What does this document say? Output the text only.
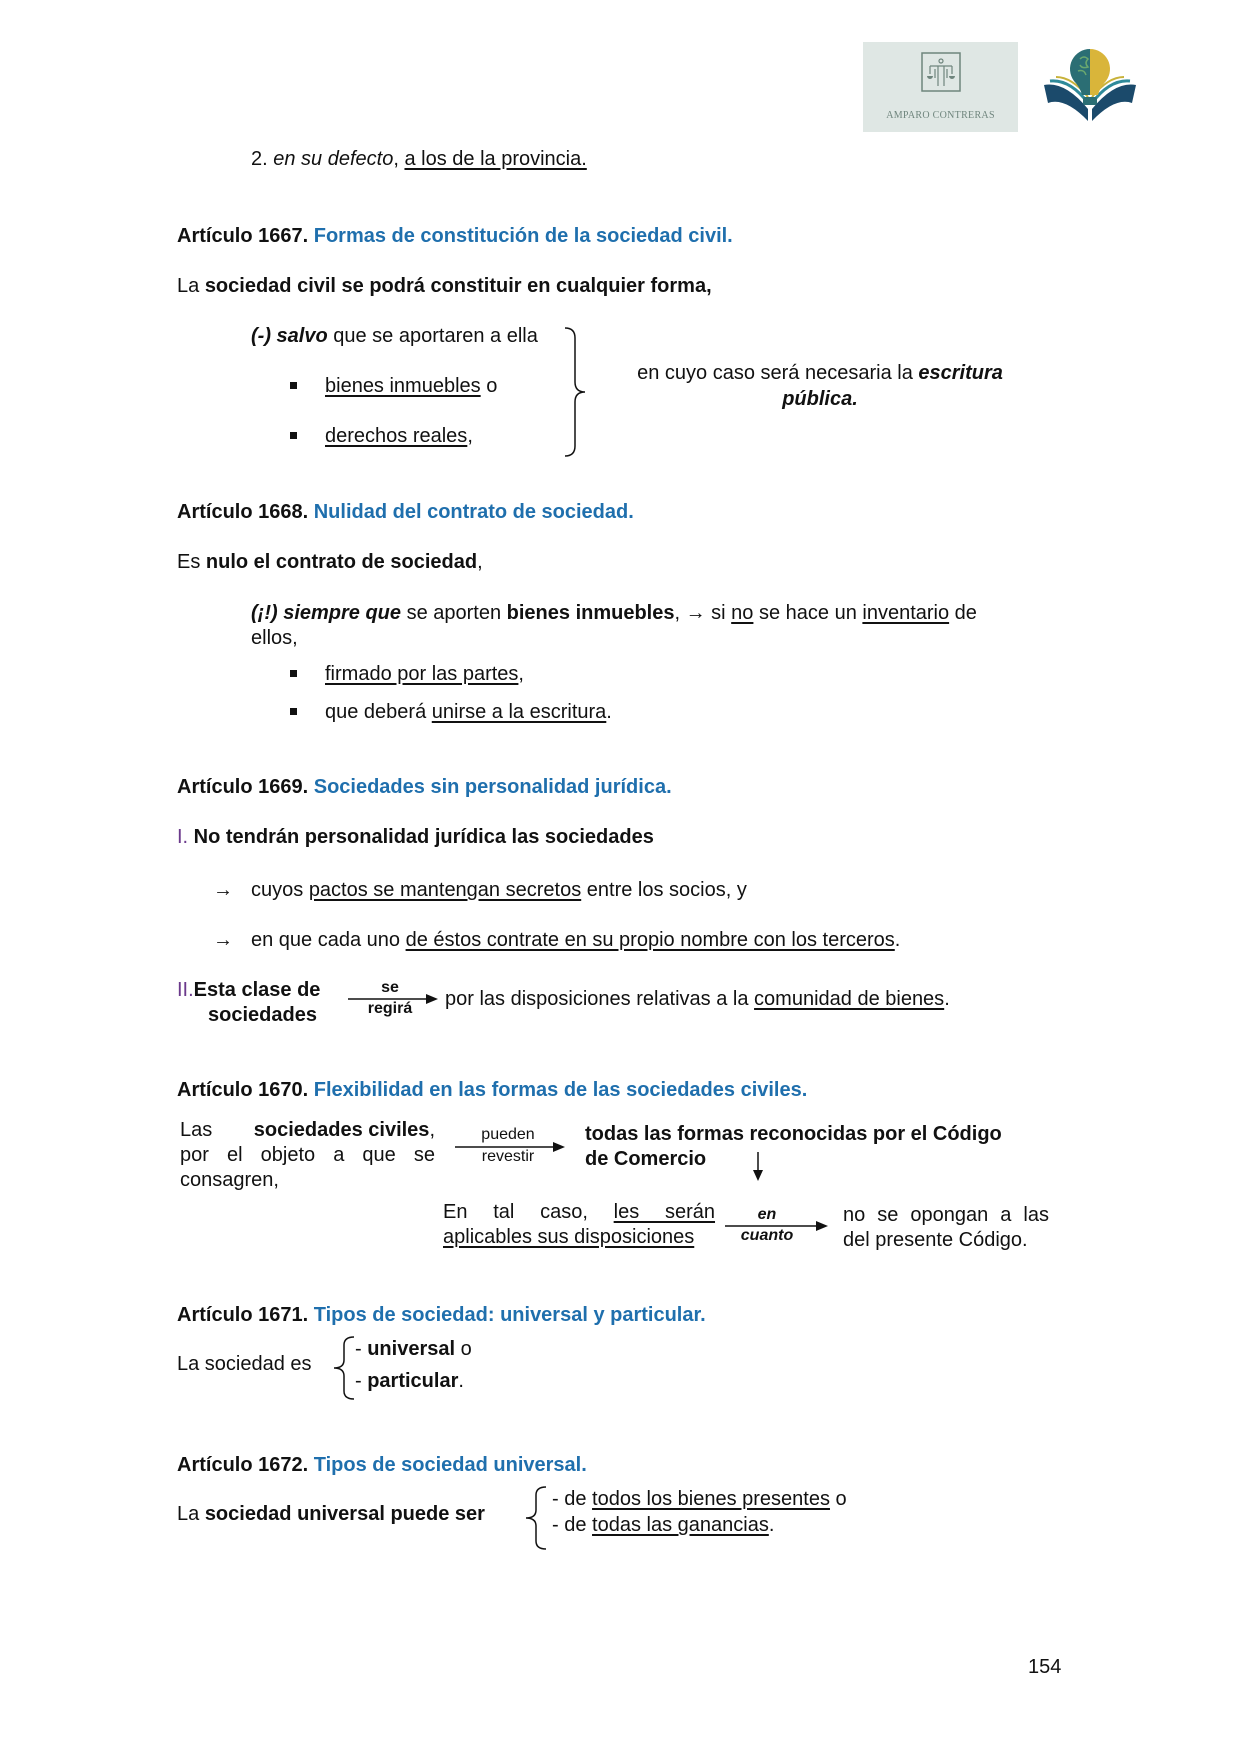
AMPARO CONTRERAS
2. en su defecto, a los de la provincia.
Artículo 1667. Formas de constitución de la sociedad civil.
La sociedad civil se podrá constituir en cualquier forma,
(-) salvo que se aportaren a ella
bienes inmuebles o
derechos reales,
en cuyo caso será necesaria la escritura
pública.
Artículo 1668. Nulidad del contrato de sociedad.
Es nulo el contrato de sociedad,
(¡!) siempre que se aporten bienes inmuebles, → si no se hace un inventario de
ellos,
firmado por las partes,
que deberá unirse a la escritura.
Artículo 1669. Sociedades sin personalidad jurídica.
I. No tendrán personalidad jurídica las sociedades
→ cuyos pactos se mantengan secretos entre los socios, y
→ en que cada uno de éstos contrate en su propio nombre con los terceros.
II.Esta clase de
sociedades
se
regirá	por las disposiciones relativas a la comunidad de bienes.
Artículo 1670. Flexibilidad en las formas de las sociedades civiles.
Las sociedades civiles,
por el objeto a que se
consagren,
pueden
revestir
todas las formas reconocidas por el Código
de Comercio
En tal caso, les serán
aplicables sus disposiciones
en
cuanto
no se opongan a las
del presente Código.
Artículo 1671. Tipos de sociedad: universal y particular.
La sociedad es
- universal o
- particular.
Artículo 1672. Tipos de sociedad universal.
La sociedad universal puede ser
- de todos los bienes presentes o
- de todas las ganancias.
154
